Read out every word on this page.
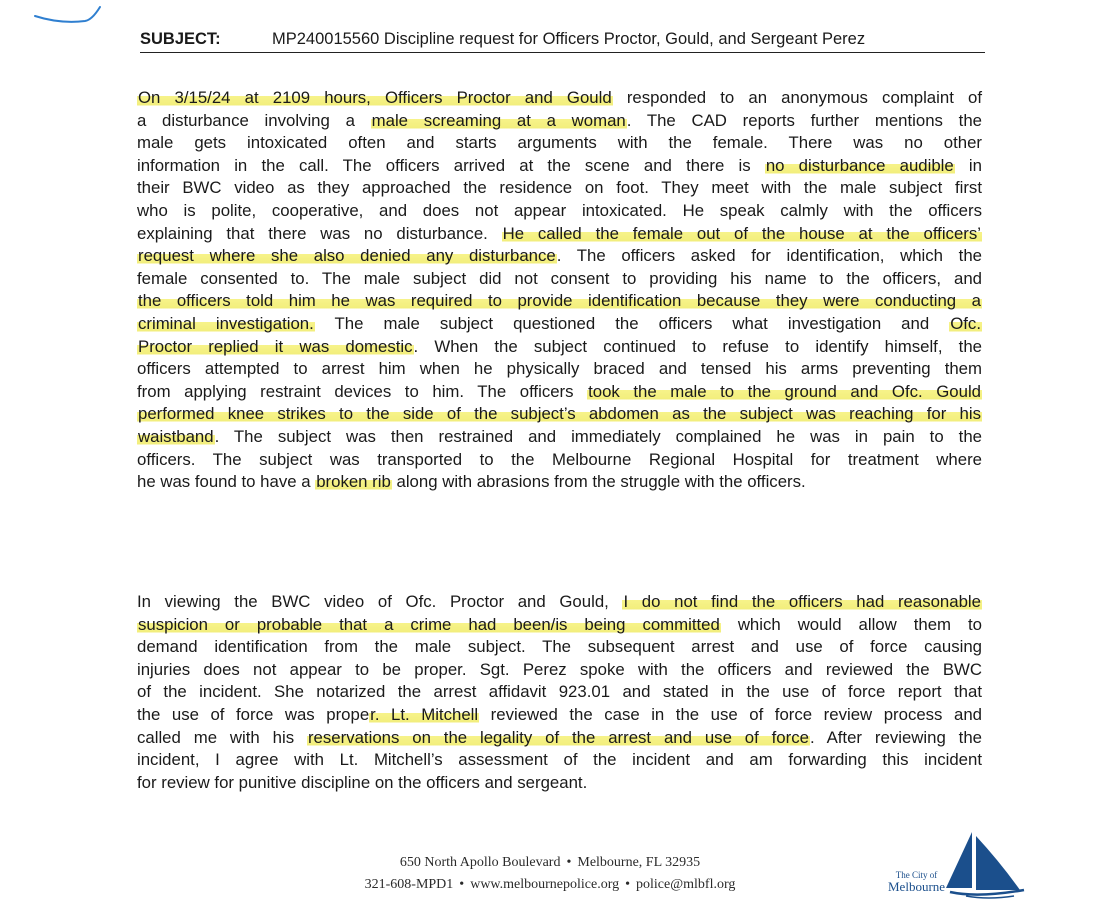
SUBJECT:	MP240015560 Discipline request for Officers Proctor, Gould, and Sergeant Perez
On 3/15/24 at 2109 hours, Officers Proctor and Gould responded to an anonymous complaint of
a disturbance involving a male screaming at a woman. The CAD reports further mentions the
male gets intoxicated often and starts arguments with the female. There was no other
information in the call. The officers arrived at the scene and there is no disturbance audible in
their BWC video as they approached the residence on foot. They meet with the male subject first
who is polite, cooperative, and does not appear intoxicated. He speak calmly with the officers
explaining that there was no disturbance. He called the female out of the house at the officers’
request where she also denied any disturbance. The officers asked for identification, which the
female consented to. The male subject did not consent to providing his name to the officers, and
the officers told him he was required to provide identification because they were conducting a
criminal investigation. The male subject questioned the officers what investigation and Ofc.
Proctor replied it was domestic. When the subject continued to refuse to identify himself, the
officers attempted to arrest him when he physically braced and tensed his arms preventing them
from applying restraint devices to him. The officers took the male to the ground and Ofc. Gould
performed knee strikes to the side of the subject’s abdomen as the subject was reaching for his
waistband. The subject was then restrained and immediately complained he was in pain to the
officers. The subject was transported to the Melbourne Regional Hospital for treatment where
he was found to have a broken rib along with abrasions from the struggle with the officers.
In viewing the BWC video of Ofc. Proctor and Gould, I do not find the officers had reasonable
suspicion or probable that a crime had been/is being committed which would allow them to
demand identification from the male subject. The subsequent arrest and use of force causing
injuries does not appear to be proper. Sgt. Perez spoke with the officers and reviewed the BWC
of the incident. She notarized the arrest affidavit 923.01 and stated in the use of force report that
the use of force was proper. Lt. Mitchell reviewed the case in the use of force review process and
called me with his reservations on the legality of the arrest and use of force. After reviewing the
incident, I agree with Lt. Mitchell’s assessment of the incident and am forwarding this incident
for review for punitive discipline on the officers and sergeant.
650 North Apollo Boulevard • Melbourne, FL 32935
321-608-MPD1 • www.melbournepolice.org • police@mlbfl.org
The City of
Melbourne
